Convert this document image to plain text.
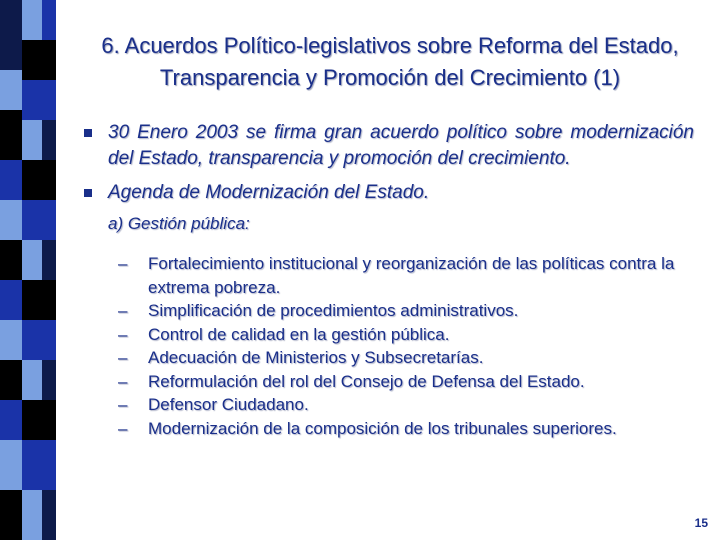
6. Acuerdos Político-legislativos sobre Reforma del Estado, Transparencia y Promoción del Crecimiento (1)
30 Enero 2003 se firma gran acuerdo político sobre modernización del Estado, transparencia y promoción del crecimiento.
Agenda de Modernización del Estado.
a) Gestión pública:
– Fortalecimiento institucional y reorganización de las políticas contra la extrema pobreza.
– Simplificación de procedimientos administrativos.
– Control de calidad en la gestión pública.
– Adecuación de Ministerios y Subsecretarías.
– Reformulación del rol del Consejo de Defensa del Estado.
– Defensor Ciudadano.
– Modernización de la composición de los tribunales superiores.
15
